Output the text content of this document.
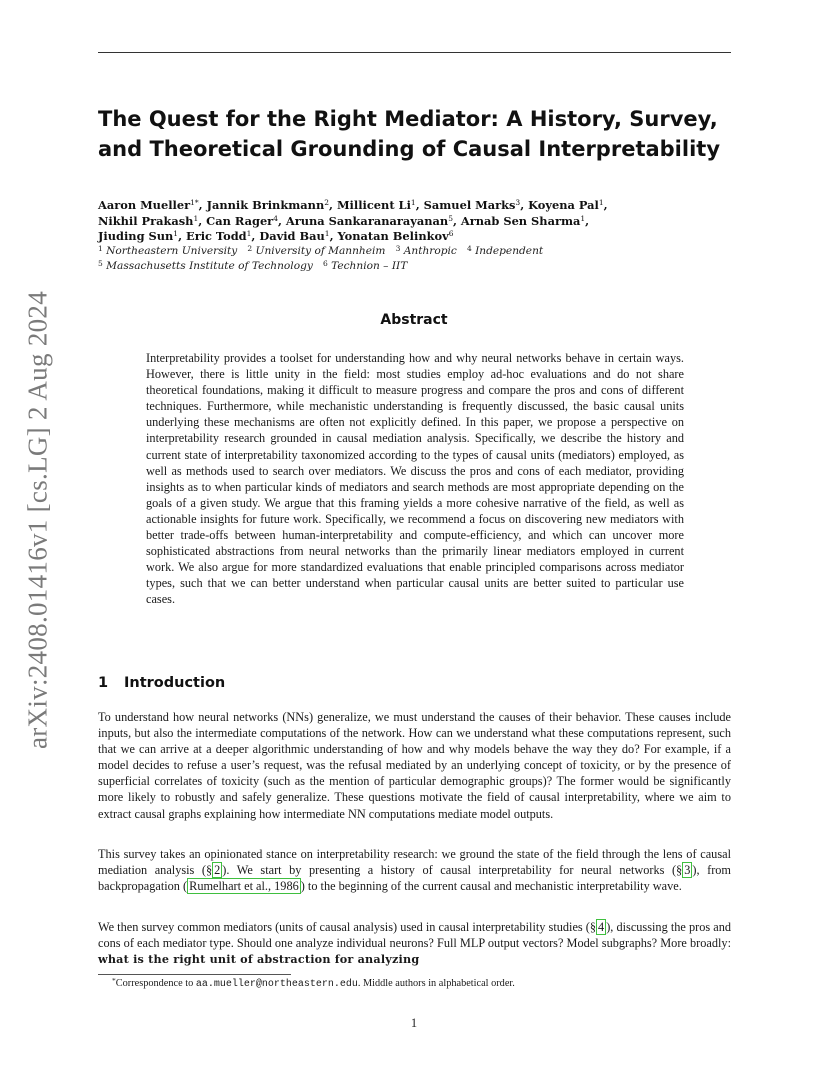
arXiv:2408.01416v1 [cs.LG] 2 Aug 2024
The Quest for the Right Mediator: A History, Survey, and Theoretical Grounding of Causal Interpretability
Aaron Mueller$^{1*}$, Jannik Brinkmann$^2$, Millicent Li$^1$, Samuel Marks$^3$, Koyena Pal$^1$,
Nikhil Prakash$^1$, Can Rager$^4$, Aruna Sankaranarayanan$^5$, Arnab Sen Sharma$^1$,
Jiuding Sun$^1$, Eric Todd$^1$, David Bau$^1$, Yonatan Belinkov$^6$
$^1$ Northeastern University $^2$ University of Mannheim $^3$ Anthropic $^4$ Independent
$^5$ Massachusetts Institute of Technology $^6$ Technion – IIT
Abstract
Interpretability provides a toolset for understanding how and why neural networks behave in certain ways. However, there is little unity in the field: most studies employ ad-hoc evaluations and do not share theoretical foundations, making it difficult to measure progress and compare the pros and cons of different techniques. Furthermore, while mechanistic understanding is frequently discussed, the basic causal units underlying these mechanisms are often not explicitly defined. In this paper, we propose a perspective on interpretability research grounded in causal mediation analysis. Specifically, we describe the history and current state of interpretability taxonomized according to the types of causal units (mediators) employed, as well as methods used to search over mediators. We discuss the pros and cons of each mediator, providing insights as to when particular kinds of mediators and search methods are most appropriate depending on the goals of a given study. We argue that this framing yields a more cohesive narrative of the field, as well as actionable insights for future work. Specifically, we recommend a focus on discovering new mediators with better trade-offs between human-interpretability and compute-efficiency, and which can uncover more sophisticated abstractions from neural networks than the primarily linear mediators employed in current work. We also argue for more standardized evaluations that enable principled comparisons across mediator types, such that we can better understand when particular causal units are better suited to particular use cases.
1 Introduction
To understand how neural networks (NNs) generalize, we must understand the causes of their behavior. These causes include inputs, but also the intermediate computations of the network. How can we understand what these computations represent, such that we can arrive at a deeper algorithmic understanding of how and why models behave the way they do? For example, if a model decides to refuse a user’s request, was the refusal mediated by an underlying concept of toxicity, or by the presence of superficial correlates of toxicity (such as the mention of particular demographic groups)? The former would be significantly more likely to robustly and safely generalize. These questions motivate the field of causal interpretability, where we aim to extract causal graphs explaining how intermediate NN computations mediate model outputs.
This survey takes an opinionated stance on interpretability research: we ground the state of the field through the lens of causal mediation analysis (§ 2 ). We start by presenting a history of causal interpretability for neural networks (§ 3 ), from backpropagation ( Rumelhart et al., 1986 ) to the beginning of the current causal and mechanistic interpretability wave.
We then survey common mediators (units of causal analysis) used in causal interpretability studies (§ 4 ), discussing the pros and cons of each mediator type. Should one analyze individual neurons? Full MLP output vectors? Model subgraphs? More broadly: what is the right unit of abstraction for analyzing
*Correspondence to aa.mueller@northeastern.edu. Middle authors in alphabetical order.
1
